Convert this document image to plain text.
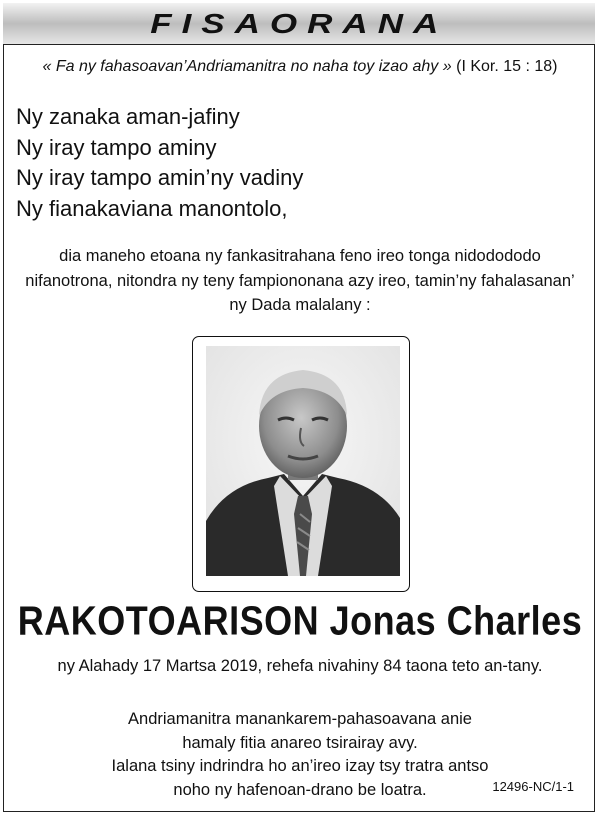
FISAORANA
« Fa ny fahasoavan’Andriamanitra no naha toy izao ahy » (I Kor. 15 : 18)
Ny zanaka aman-jafiny
Ny iray tampo aminy
Ny iray tampo amin’ny vadiny
Ny fianakaviana manontolo,
dia maneho etoana ny fankasitrahana feno ireo tonga nidodododo nifanotrona, nitondra ny teny fampiononana azy ireo, tamin’ny fahalasanan’ ny Dada malalany :
RAKOTOARISON Jonas Charles
ny Alahady 17 Martsa 2019, rehefa nivahiny 84 taona teto an-tany.
Andriamanitra manankarem-pahasoavana anie
hamaly fitia anareo tsirairay avy.
Ialana tsiny indrindra ho an’ireo izay tsy tratra antso
noho ny hafenoan-drano be loatra.	12496-NC/1-1
